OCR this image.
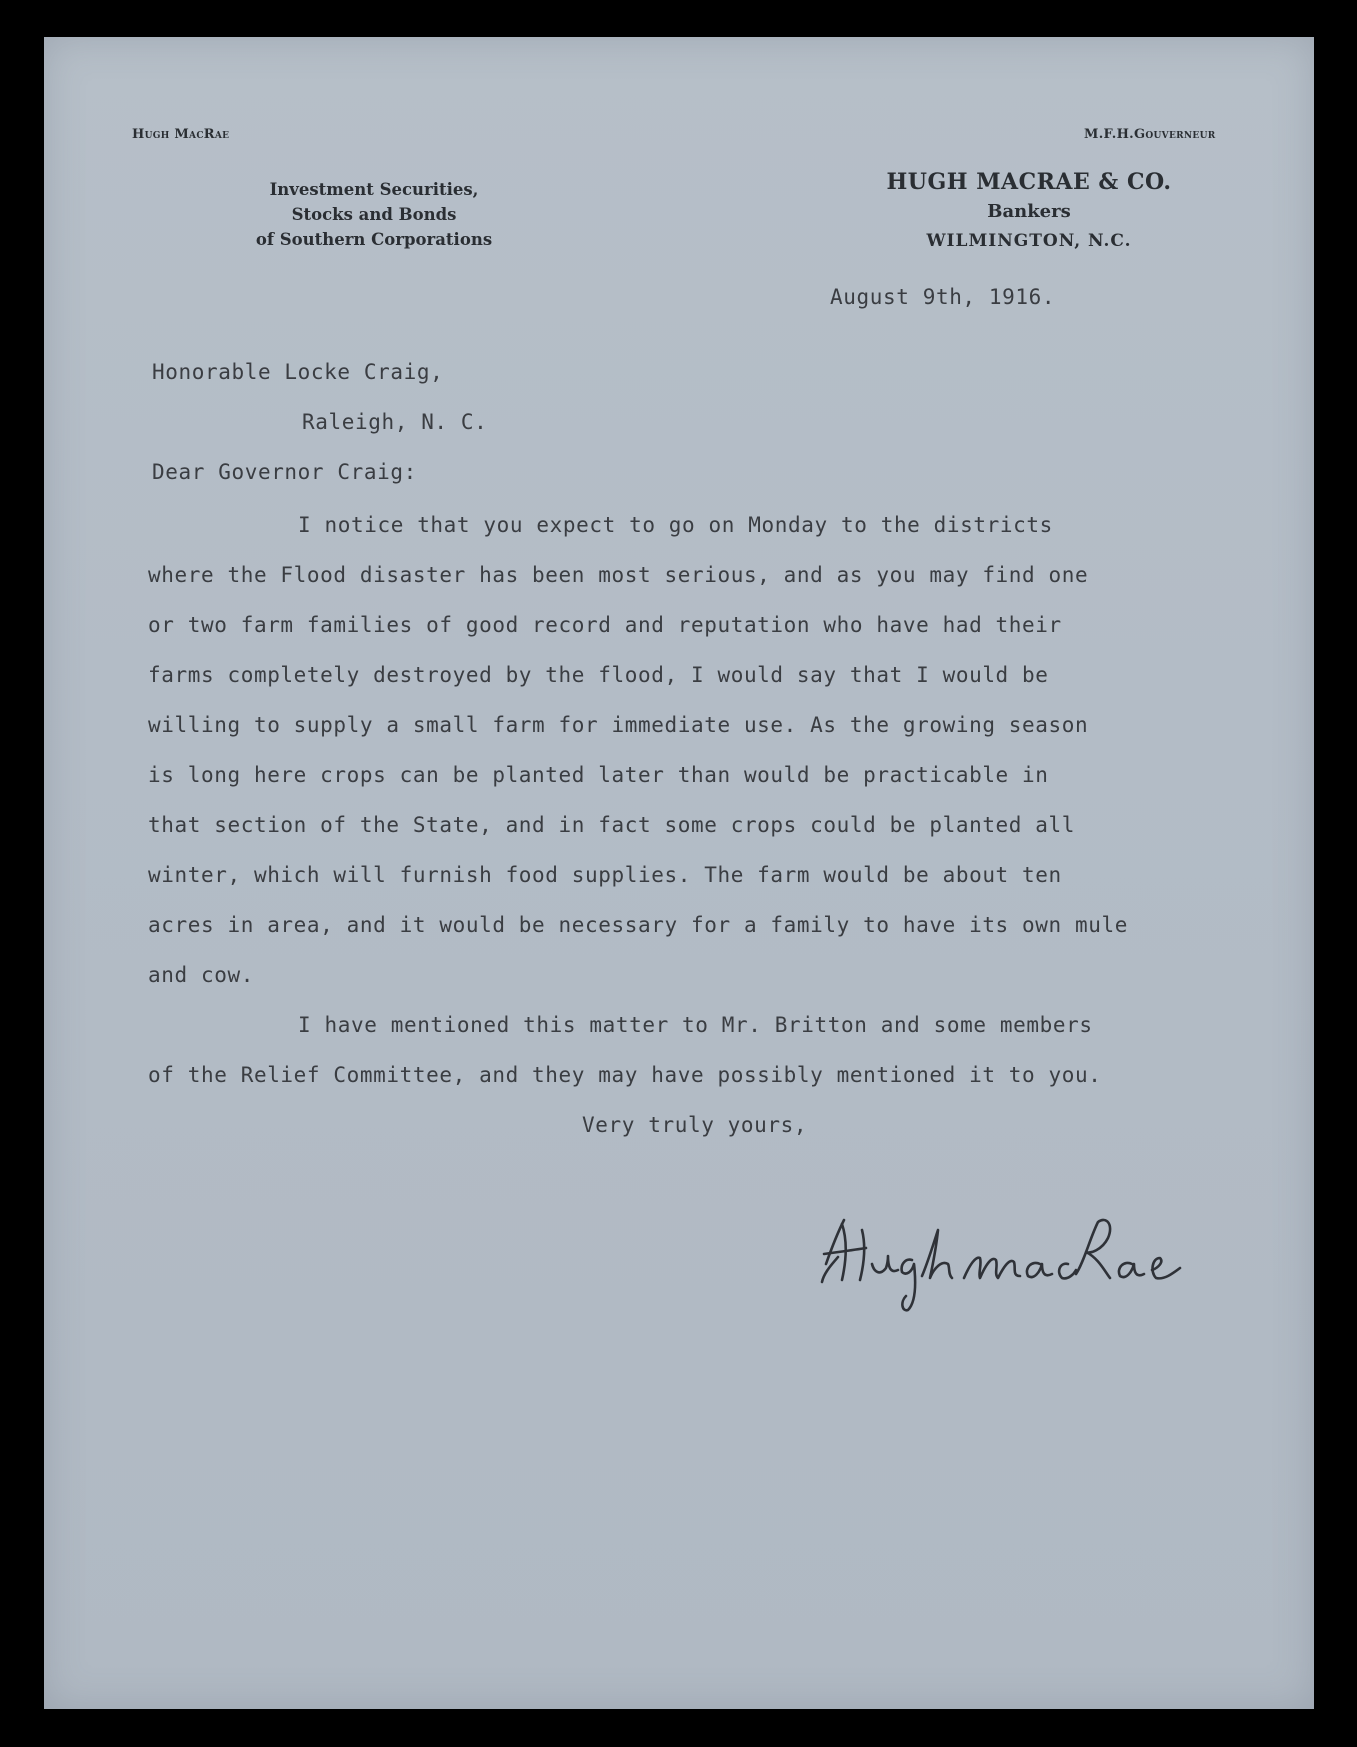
Hugh MacRae	M.F.H.Gouverneur
Investment Securities,
Stocks and Bonds
of Southern Corporations
HUGH MACRAE & CO.
Bankers
WILMINGTON, N.C.
August 9th, 1916.
Honorable Locke Craig,
Raleigh, N. C.
Dear Governor Craig:
I notice that you expect to go on Monday to the districts
where the Flood disaster has been most serious, and as you may find one
or two farm families of good record and reputation who have had their
farms completely destroyed by the flood, I would say that I would be
willing to supply a small farm for immediate use. As the growing season
is long here crops can be planted later than would be practicable in
that section of the State, and in fact some crops could be planted all
winter, which will furnish food supplies. The farm would be about ten
acres in area, and it would be necessary for a family to have its own mule
and cow.
I have mentioned this matter to Mr. Britton and some members
of the Relief Committee, and they may have possibly mentioned it to you.
Very truly yours,
